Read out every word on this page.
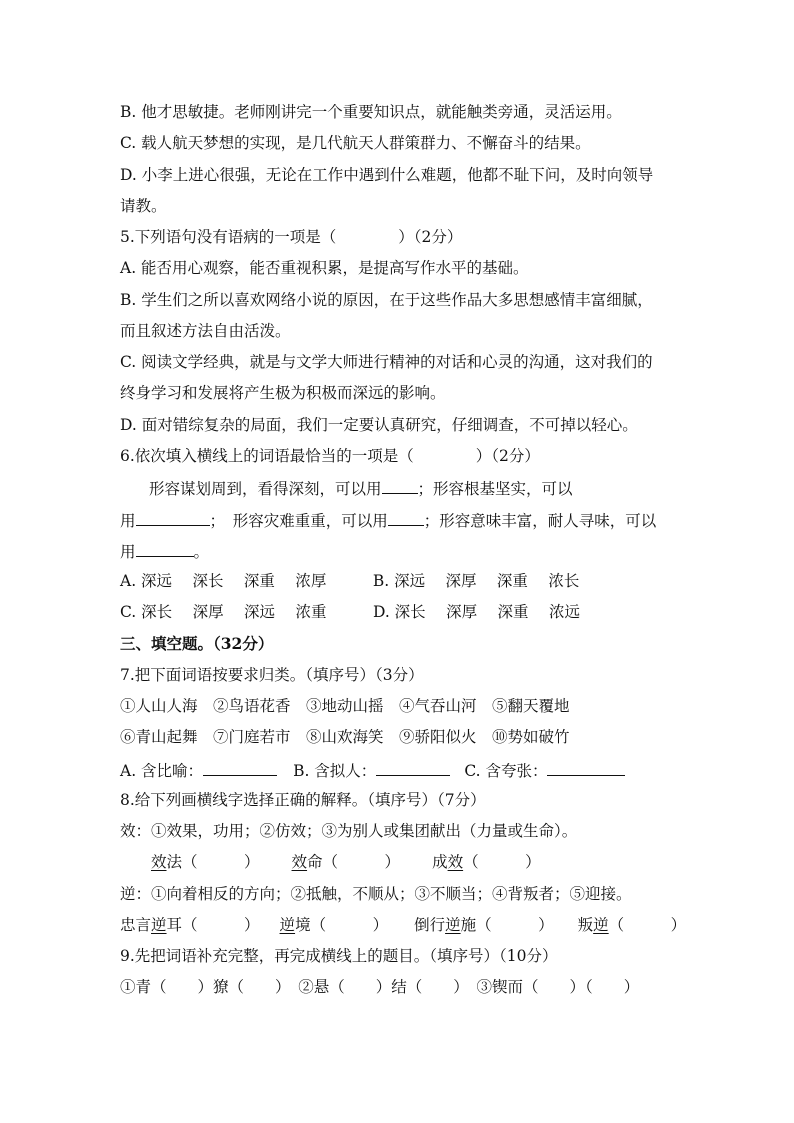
B. 他才思敏捷。老师刚讲完一个重要知识点，就能触类旁通，灵活运用。
C. 载人航天梦想的实现，是几代航天人群策群力、不懈奋斗的结果。
D. 小李上进心很强，无论在工作中遇到什么难题，他都不耻下问，及时向领导
请教。
5.下列语句没有语病的一项是（　　　　）（2分）
A. 能否用心观察，能否重视积累，是提高写作水平的基础。
B. 学生们之所以喜欢网络小说的原因，在于这些作品大多思想感情丰富细腻，
而且叙述方法自由活泼。
C. 阅读文学经典，就是与文学大师进行精神的对话和心灵的沟通，这对我们的
终身学习和发展将产生极为积极而深远的影响。
D. 面对错综复杂的局面，我们一定要认真研究，仔细调查，不可掉以轻心。
6.依次填入横线上的词语最恰当的一项是（　　　　）（2分）
形容谋划周到，看得深刻，可以用 ；形容根基坚实，可以
用	；　形容灾难重重，可以用 ；形容意味丰富，耐人寻味，可以
用	。
A. 深远　 深长　 深重　 浓厚　　　B. 深远　 深厚　 深重　 浓长
C. 深长　 深厚　 深远　 浓重　　　D. 深长　 深厚　 深重　 浓远
三、填空题。（32分）
7.把下面词语按要求归类。（填序号）（3分）
①人山人海　②鸟语花香　③地动山摇　④气吞山河　⑤翻天覆地
⑥青山起舞　⑦门庭若市　⑧山欢海笑　⑨骄阳似火　⑩势如破竹
A. 含比喻：	B. 含拟人：	C. 含夸张：
8.给下列画横线字选择正确的解释。（填序号）（7分）
效：①效果，功用；②仿效；③为别人或集团献出（力量或生命）。
效法（　　　） 效命（　　　） 成效（　　　）
逆：①向着相反的方向；②抵触，不顺从；③不顺当；④背叛者；⑤迎接。
忠言逆耳（　　　） 逆境（　　　） 倒行逆施（　　　） 叛逆（　　　）
9.先把词语补充完整，再完成横线上的题目。（填序号）（10分）
①青（　　）獠（　　）　②悬（　　）结（　　）　③锲而（　　）（　　）
